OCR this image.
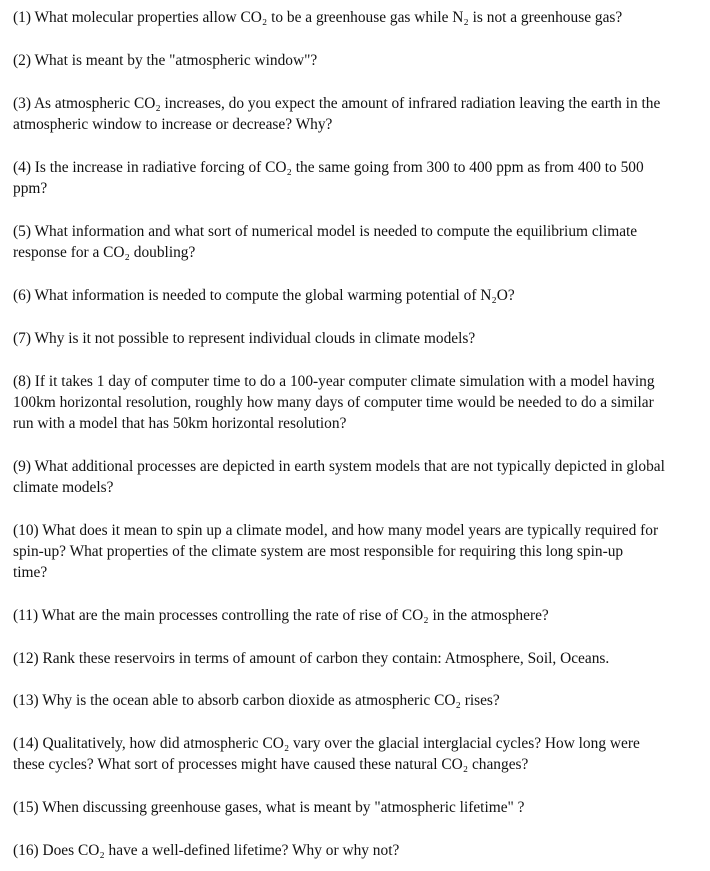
(1) What molecular properties allow CO₂ to be a greenhouse gas while N₂ is not a greenhouse gas?

(2) What is meant by the "atmospheric window"?

(3) As atmospheric CO₂ increases, do you expect the amount of infrared radiation leaving the earth in the
atmospheric window to increase or decrease? Why?

(4) Is the increase in radiative forcing of CO₂ the same going from 300 to 400 ppm as from 400 to 500
ppm?

(5) What information and what sort of numerical model is needed to compute the equilibrium climate
response for a CO₂ doubling?

(6) What information is needed to compute the global warming potential of N₂O?

(7) Why is it not possible to represent individual clouds in climate models?

(8) If it takes 1 day of computer time to do a 100-year computer climate simulation with a model having
100km horizontal resolution, roughly how many days of computer time would be needed to do a similar
run with a model that has 50km horizontal resolution?

(9) What additional processes are depicted in earth system models that are not typically depicted in global
climate models?

(10) What does it mean to spin up a climate model, and how many model years are typically required for
spin-up? What properties of the climate system are most responsible for requiring this long spin-up
time?

(11) What are the main processes controlling the rate of rise of CO₂ in the atmosphere?

(12) Rank these reservoirs in terms of amount of carbon they contain: Atmosphere, Soil, Oceans.

(13) Why is the ocean able to absorb carbon dioxide as atmospheric CO₂ rises?

(14) Qualitatively, how did atmospheric CO₂ vary over the glacial interglacial cycles? How long were
these cycles? What sort of processes might have caused these natural CO₂ changes?

(15) When discussing greenhouse gases, what is meant by "atmospheric lifetime" ?

(16) Does CO₂ have a well-defined lifetime? Why or why not?
